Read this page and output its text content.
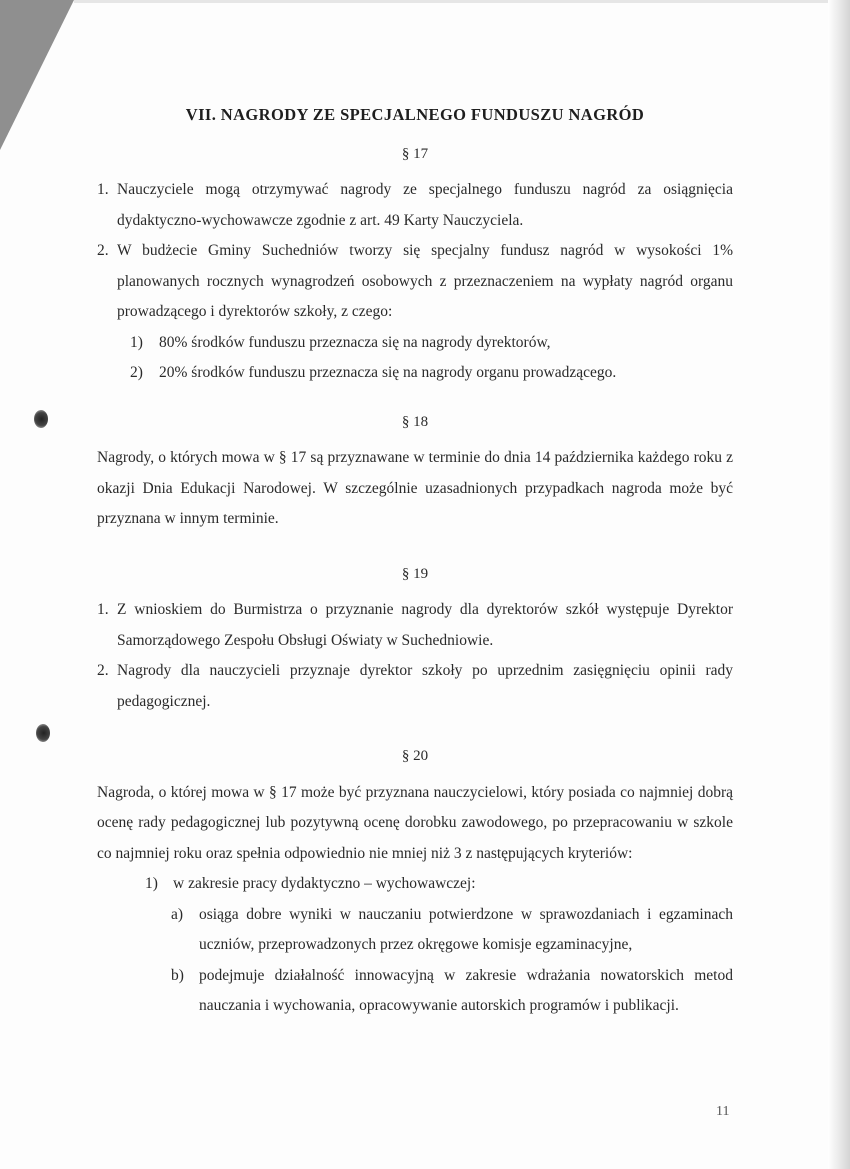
VII. NAGRODY ZE SPECJALNEGO FUNDUSZU NAGRÓD

§ 17

1. Nauczyciele mogą otrzymywać nagrody ze specjalnego funduszu nagród za osiągnięcia dydaktyczno-wychowawcze zgodnie z art. 49 Karty Nauczyciela.
2. W budżecie Gminy Suchedniów tworzy się specjalny fundusz nagród w wysokości 1% planowanych rocznych wynagrodzeń osobowych z przeznaczeniem na wypłaty nagród organu prowadzącego i dyrektorów szkoły, z czego:
1)	80% środków funduszu przeznacza się na nagrody dyrektorów,
2)	20% środków funduszu przeznacza się na nagrody organu prowadzącego.

§ 18

Nagrody, o których mowa w § 17 są przyznawane w terminie do dnia 14 października każdego roku z okazji Dnia Edukacji Narodowej. W szczególnie uzasadnionych przypadkach nagroda może być przyznana w innym terminie.

§ 19

1. Z wnioskiem do Burmistrza o przyznanie nagrody dla dyrektorów szkół występuje Dyrektor Samorządowego Zespołu Obsługi Oświaty w Suchedniowie.
2. Nagrody dla nauczycieli przyznaje dyrektor szkoły po uprzednim zasięgnięciu opinii rady pedagogicznej.

§ 20

Nagroda, o której mowa w § 17 może być przyznana nauczycielowi, który posiada co najmniej dobrą ocenę rady pedagogicznej lub pozytywną ocenę dorobku zawodowego, po przepracowaniu w szkole co najmniej roku oraz spełnia odpowiednio nie mniej niż 3 z następujących kryteriów:

1) w zakresie pracy dydaktyczno – wychowawczej:
a)	osiąga dobre wyniki w nauczaniu potwierdzone w sprawozdaniach i egzaminach uczniów, przeprowadzonych przez okręgowe komisje egzaminacyjne,
b) podejmuje działalność innowacyjną w zakresie wdrażania nowatorskich metod nauczania i wychowania, opracowywanie autorskich programów i publikacji.
11
